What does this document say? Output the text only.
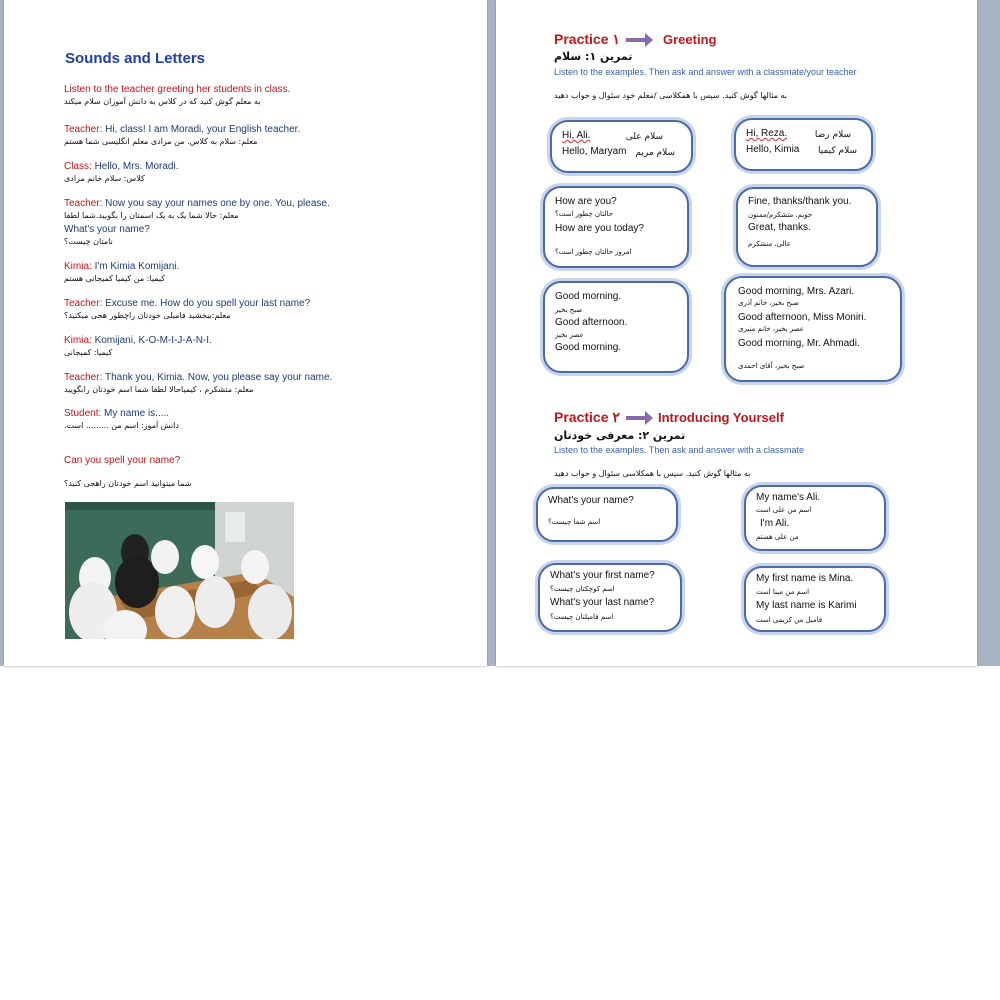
Sounds and Letters
Listen to the teacher greeting her students in class.
به معلم گوش کنید که در کلاس به دانش آموزان سلام میکند
Teacher: Hi, class! I am Moradi, your English teacher.
معلم: سلام به کلاس. من مرادی معلم انگلیسی شما هستم
Class: Hello, Mrs. Moradi.
کلاس: سلام خانم مرادی
Teacher: Now you say your names one by one. You, please.
معلم: حالا شما یک به یک اسمتان را بگویید.شما لطفا
What's your name?
نامتان چیست؟
Kimia: I'm Kimia Komijani.
کیمیا: من کیمیا کمیجانی هستم
Teacher: Excuse me. How do you spell your last name?
معلم:ببخشید فامیلی خودتان راچطور هجی میکنید؟
Kimia: Komijani, K-O-M-I-J-A-N-I.
کیمیا: کمیجانی
Teacher: Thank you, Kimia. Now, you please say your name.
معلم: متشکرم ، کیمیاحالا لطفا شما اسم خودتان رابگویید
Student: My name is.....
دانش آموز: اسم من ......... است.
Can you spell your name?
شما میتوانید اسم خودتان راهجی کنید؟
Practice ۱	Greeting
تمرین ۱: سلام
Listen to the examples. Then ask and answer with a classmate/your teacher
به مثالها گوش کنید. سپس با همکلاسی /معلم خود سئوال و جواب دهید
Hi, Ali.	سلام علی
Hello, Maryam سلام مریم
Hi, Reza.	سلام رضا
Hello, Kimia سلام کیمیا
How are you?
حالتان چطور است؟
How are you today?
امروز حالتان چطور است؟
Fine, thanks/thank you.
خوبم، متشکرم/ممنون
Great, thanks.
عالی، متشکرم
Good morning.
صبح بخیر
Good afternoon.
عصر بخیر
Good morning.
Good morning, Mrs. Azari.
صبح بخیر، خانم آذری
Good afternoon, Miss Moniri.
عصر بخیر، خانم منیری
Good morning, Mr. Ahmadi.
صبح بخیر، آقای احمدی
Practice ۲	Introducing Yourself
تمرین ۲: معرفی خودتان
Listen to the examples. Then ask and answer with a classmate
به مثالها گوش کنید. سپس با همکلاسی سئوال و جواب دهید
What's your name?
اسم شما چیست؟
My name's Ali.
اسم من علی است
I'm Ali.
من علی هستم
What's your first name?
اسم کوچکتان چیست؟
What's your last name?
اسم فامیلتان چیست؟
My first name is Mina.
اسم من مینا است
My last name is Karimi
فامیل من کریمی است
